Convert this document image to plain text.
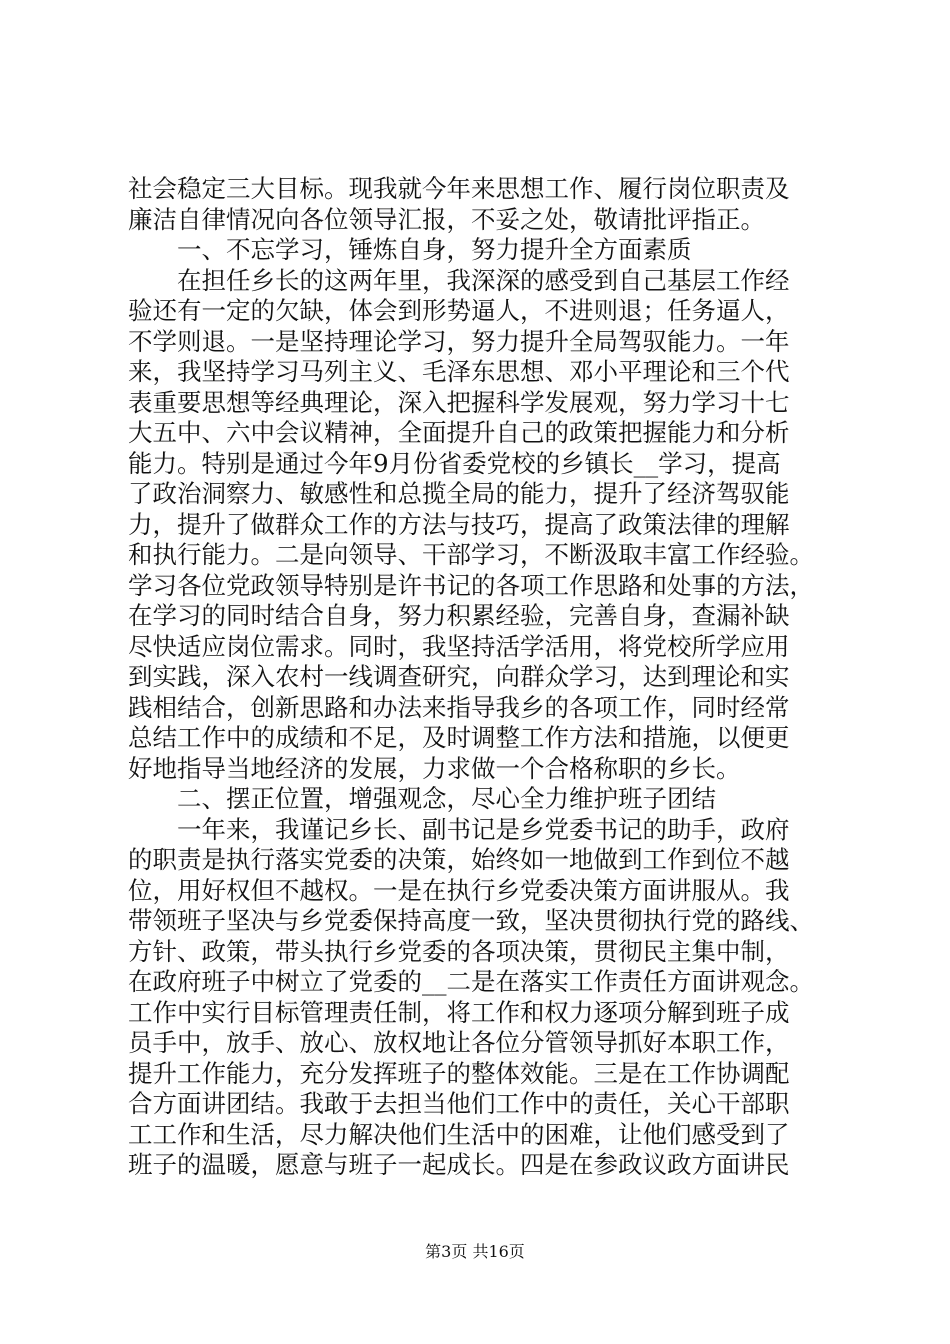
社会稳定三大目标。现我就今年来思想工作、履行岗位职责及
廉洁自律情况向各位领导汇报，不妥之处，敬请批评指正。
一、不忘学习，锤炼自身，努力提升全方面素质
在担任乡长的这两年里，我深深的感受到自己基层工作经
验还有一定的欠缺，体会到形势逼人，不进则退；任务逼人，
不学则退。一是坚持理论学习，努力提升全局驾驭能力。一年
来，我坚持学习马列主义、毛泽东思想、邓小平理论和三个代
表重要思想等经典理论，深入把握科学发展观，努力学习十七
大五中、六中会议精神，全面提升自己的政策把握能力和分析
能力。特别是通过今年9月份省委党校的乡镇长__学习，提高
了政治洞察力、敏感性和总揽全局的能力，提升了经济驾驭能
力，提升了做群众工作的方法与技巧，提高了政策法律的理解
和执行能力。二是向领导、干部学习，不断汲取丰富工作经验。
学习各位党政领导特别是许书记的各项工作思路和处事的方法，
在学习的同时结合自身，努力积累经验，完善自身，查漏补缺
尽快适应岗位需求。同时，我坚持活学活用，将党校所学应用
到实践，深入农村一线调查研究，向群众学习，达到理论和实
践相结合，创新思路和办法来指导我乡的各项工作，同时经常
总结工作中的成绩和不足，及时调整工作方法和措施，以便更
好地指导当地经济的发展，力求做一个合格称职的乡长。
二、摆正位置，增强观念，尽心全力维护班子团结
一年来，我谨记乡长、副书记是乡党委书记的助手，政府
的职责是执行落实党委的决策，始终如一地做到工作到位不越
位，用好权但不越权。一是在执行乡党委决策方面讲服从。我
带领班子坚决与乡党委保持高度一致，坚决贯彻执行党的路线、
方针、政策，带头执行乡党委的各项决策，贯彻民主集中制，
在政府班子中树立了党委的__二是在落实工作责任方面讲观念。
工作中实行目标管理责任制，将工作和权力逐项分解到班子成
员手中，放手、放心、放权地让各位分管领导抓好本职工作，
提升工作能力，充分发挥班子的整体效能。三是在工作协调配
合方面讲团结。我敢于去担当他们工作中的责任，关心干部职
工工作和生活，尽力解决他们生活中的困难，让他们感受到了
班子的温暖，愿意与班子一起成长。四是在参政议政方面讲民
第3页 共16页
